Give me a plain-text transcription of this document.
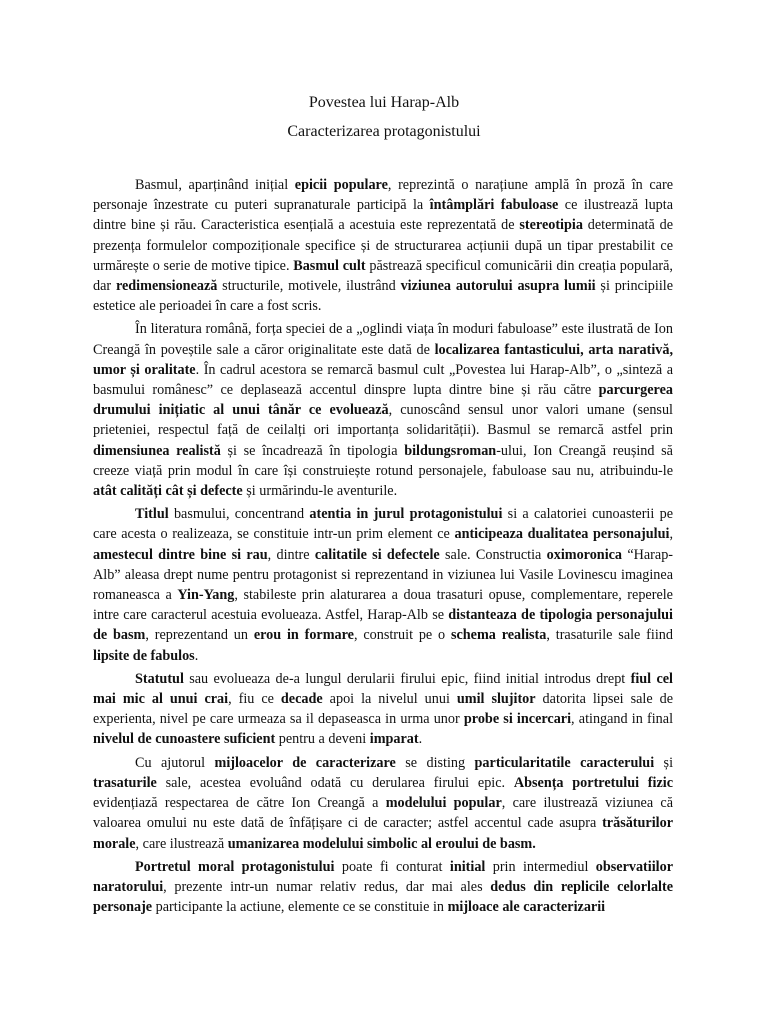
Povestea lui Harap-Alb
Caracterizarea protagonistului

Basmul, aparținând inițial epicii populare, reprezintă o narațiune amplă în proză în care personaje înzestrate cu puteri supranaturale participă la întâmplări fabuloase ce ilustrează lupta dintre bine și rău. Caracteristica esențială a acestuia este reprezentată de stereotipia determinată de prezența formulelor compoziționale specifice și de structurarea acțiunii după un tipar prestabilit ce urmărește o serie de motive tipice. Basmul cult păstrează specificul comunicării din creația populară, dar redimensionează structurile, motivele, ilustrând viziunea autorului asupra lumii și principiile estetice ale perioadei în care a fost scris.

În literatura română, forța speciei de a „oglindi viața în moduri fabuloase” este ilustrată de Ion Creangă în poveștile sale a căror originalitate este dată de localizarea fantasticului, arta narativă, umor și oralitate. În cadrul acestora se remarcă basmul cult „Povestea lui Harap-Alb”, o „sinteză a basmului românesc” ce deplasează accentul dinspre lupta dintre bine și rău către parcurgerea drumului inițiatic al unui tânăr ce evoluează, cunoscând sensul unor valori umane (sensul prieteniei, respectul față de ceilalți ori importanța solidarității). Basmul se remarcă astfel prin dimensiunea realistă și se încadrează în tipologia bildungsroman-ului, Ion Creangă reușind să creeze viață prin modul în care își construiește rotund personajele, fabuloase sau nu, atribuindu-le atât calități cât și defecte și urmărindu-le aventurile.

Titlul basmului, concentrand atentia in jurul protagonistului si a calatoriei cunoasterii pe care acesta o realizeaza, se constituie intr-un prim element ce anticipeaza dualitatea personajului, amestecul dintre bine si rau, dintre calitatile si defectele sale. Constructia oximoronica “Harap-Alb” aleasa drept nume pentru protagonist si reprezentand in viziunea lui Vasile Lovinescu imaginea romaneasca a Yin-Yang, stabileste prin alaturarea a doua trasaturi opuse, complementare, reperele intre care caracterul acestuia evolueaza. Astfel, Harap-Alb se distanteaza de tipologia personajului de basm, reprezentand un erou in formare, construit pe o schema realista, trasaturile sale fiind lipsite de fabulos.

Statutul sau evolueaza de-a lungul derularii firului epic, fiind initial introdus drept fiul cel mai mic al unui crai, fiu ce decade apoi la nivelul unui umil slujitor datorita lipsei sale de experienta, nivel pe care urmeaza sa il depaseasca in urma unor probe si incercari, atingand in final nivelul de cunoastere suficient pentru a deveni imparat.

Cu ajutorul mijloacelor de caracterizare se disting particularitatile caracterului și trasaturile sale, acestea evoluând odată cu derularea firului epic. Absența portretului fizic evidențiază respectarea de către Ion Creangă a modelului popular, care ilustrează viziunea că valoarea omului nu este dată de înfățișare ci de caracter; astfel accentul cade asupra trăsăturilor morale, care ilustrează umanizarea modelului simbolic al eroului de basm.

Portretul moral protagonistului poate fi conturat initial prin intermediul observatiilor naratorului, prezente intr-un numar relativ redus, dar mai ales dedus din replicile celorlalte personaje participante la actiune, elemente ce se constituie in mijloace ale caracterizarii
